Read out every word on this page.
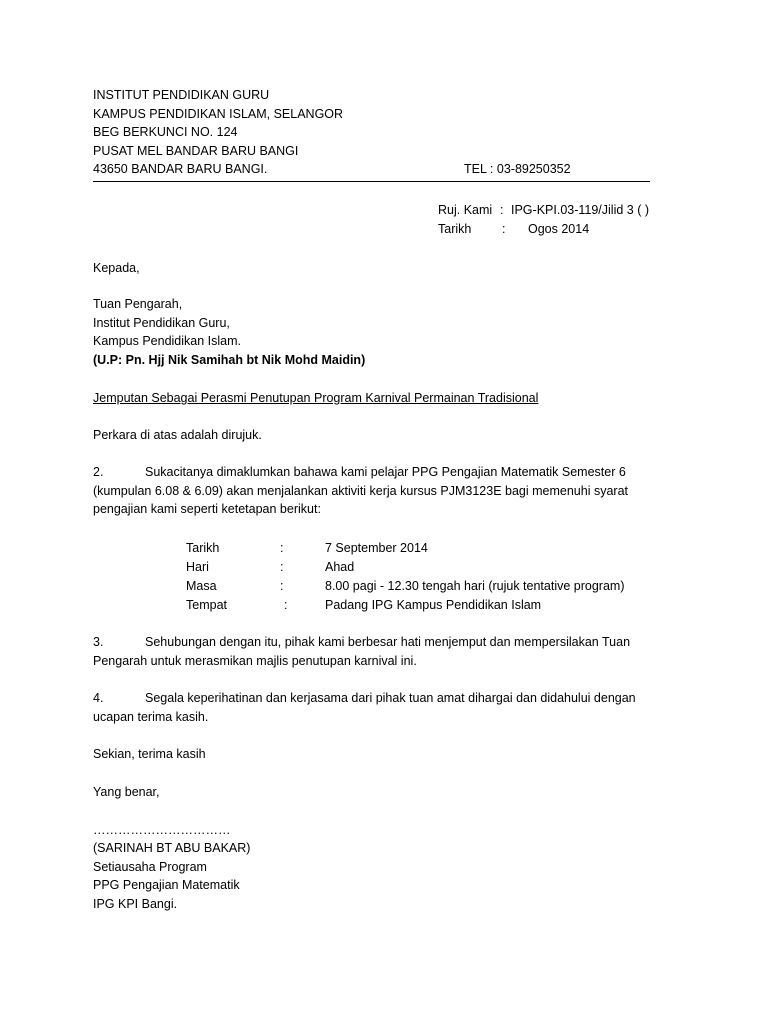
INSTITUT PENDIDIKAN GURU
KAMPUS PENDIDIKAN ISLAM, SELANGOR
BEG BERKUNCI NO. 124
PUSAT MEL BANDAR BARU BANGI
43650 BANDAR BARU BANGI.	TEL : 03-89250352
Ruj. Kami : IPG-KPI.03-119/Jilid 3 ( )
Tarikh : Ogos 2014
Kepada,
Tuan Pengarah,
Institut Pendidikan Guru,
Kampus Pendidikan Islam.
(U.P: Pn. Hjj Nik Samihah bt Nik Mohd Maidin)
Jemputan Sebagai Perasmi Penutupan Program Karnival Permainan Tradisional
Perkara di atas adalah dirujuk.
2.	Sukacitanya dimaklumkan bahawa kami pelajar PPG Pengajian Matematik Semester 6
(kumpulan 6.08 & 6.09) akan menjalankan aktiviti kerja kursus PJM3123E bagi memenuhi syarat
pengajian kami seperti ketetapan berikut:
Tarikh	:	7 September 2014
Hari	:	Ahad
Masa	:	8.00 pagi - 12.30 tengah hari (rujuk tentative program)
Tempat	:	Padang IPG Kampus Pendidikan Islam
3.	Sehubungan dengan itu, pihak kami berbesar hati menjemput dan mempersilakan Tuan
Pengarah untuk merasmikan majlis penutupan karnival ini.
4.	Segala keperihatinan dan kerjasama dari pihak tuan amat dihargai dan didahului dengan
ucapan terima kasih.
Sekian, terima kasih
Yang benar,
……………………………
(SARINAH BT ABU BAKAR)
Setiausaha Program
PPG Pengajian Matematik
IPG KPI Bangi.
